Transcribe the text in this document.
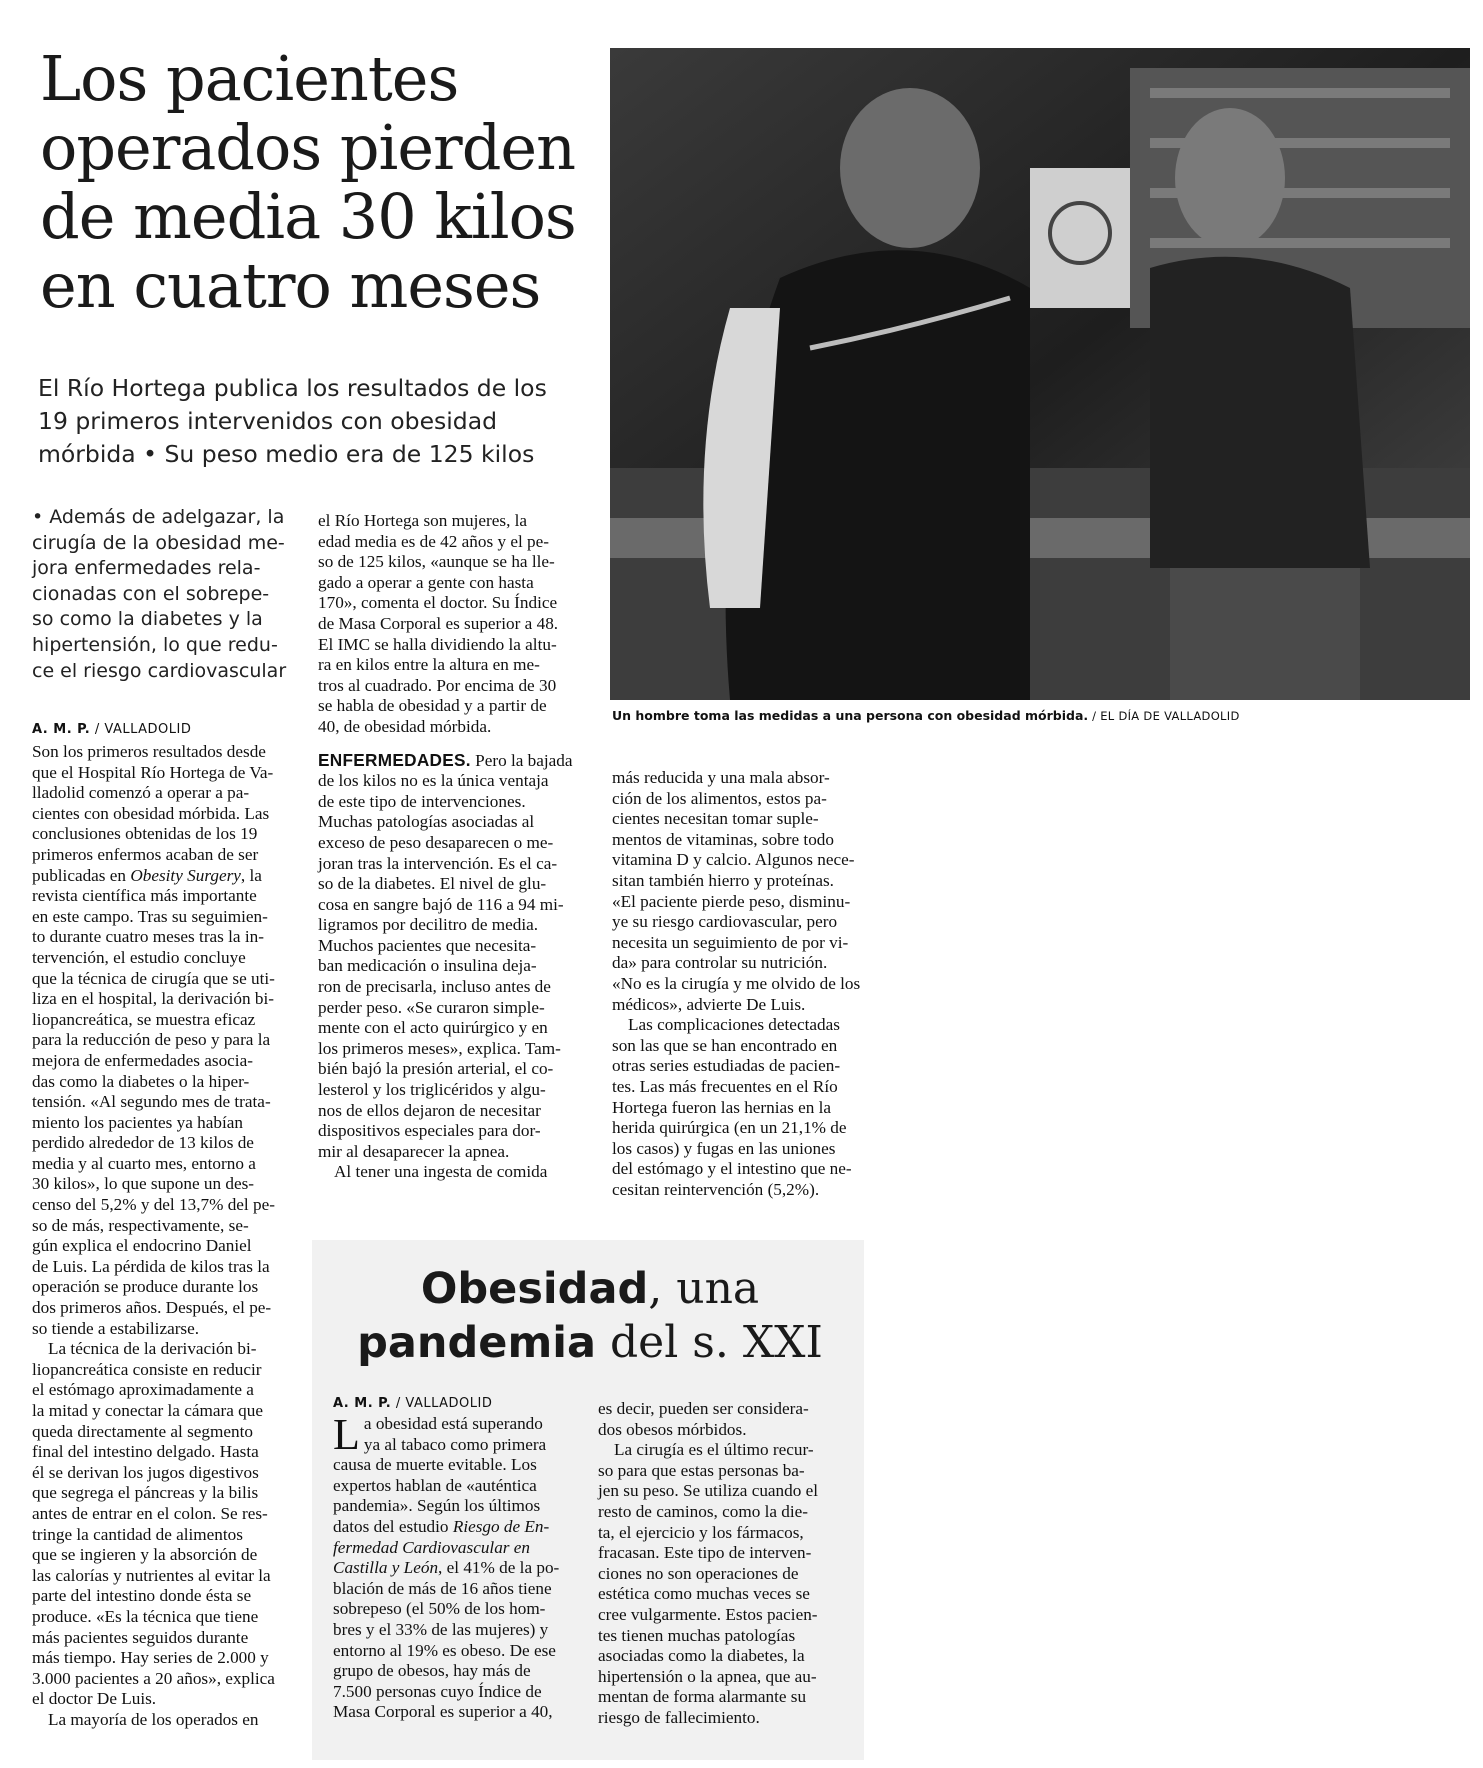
Los pacientes
operados pierden
de media 30 kilos
en cuatro meses
El Río Hortega publica los resultados de los
19 primeros intervenidos con obesidad
mórbida • Su peso medio era de 125 kilos
• Además de adelgazar, la
cirugía de la obesidad me-
jora enfermedades rela-
cionadas con el sobrepe-
so como la diabetes y la
hipertensión, lo que redu-
ce el riesgo cardiovascular
A. M. P. / VALLADOLID
Son los primeros resultados desde
que el Hospital Río Hortega de Va-
lladolid comenzó a operar a pa-
cientes con obesidad mórbida. Las
conclusiones obtenidas de los 19
primeros enfermos acaban de ser
publicadas en Obesity Surgery, la
revista científica más importante
en este campo. Tras su seguimien-
to durante cuatro meses tras la in-
tervención, el estudio concluye
que la técnica de cirugía que se uti-
liza en el hospital, la derivación bi-
liopancreática, se muestra eficaz
para la reducción de peso y para la
mejora de enfermedades asocia-
das como la diabetes o la hiper-
tensión. «Al segundo mes de trata-
miento los pacientes ya habían
perdido alrededor de 13 kilos de
media y al cuarto mes, entorno a
30 kilos», lo que supone un des-
censo del 5,2% y del 13,7% del pe-
so de más, respectivamente, se-
gún explica el endocrino Daniel
de Luis. La pérdida de kilos tras la
operación se produce durante los
dos primeros años. Después, el pe-
so tiende a estabilizarse.
La técnica de la derivación bi-
liopancreática consiste en reducir
el estómago aproximadamente a
la mitad y conectar la cámara que
queda directamente al segmento
final del intestino delgado. Hasta
él se derivan los jugos digestivos
que segrega el páncreas y la bilis
antes de entrar en el colon. Se res-
tringe la cantidad de alimentos
que se ingieren y la absorción de
las calorías y nutrientes al evitar la
parte del intestino donde ésta se
produce. «Es la técnica que tiene
más pacientes seguidos durante
más tiempo. Hay series de 2.000 y
3.000 pacientes a 20 años», explica
el doctor De Luis.
La mayoría de los operados en
el Río Hortega son mujeres, la
edad media es de 42 años y el pe-
so de 125 kilos, «aunque se ha lle-
gado a operar a gente con hasta
170», comenta el doctor. Su Índice
de Masa Corporal es superior a 48.
El IMC se halla dividiendo la altu-
ra en kilos entre la altura en me-
tros al cuadrado. Por encima de 30
se habla de obesidad y a partir de
40, de obesidad mórbida.
ENFERMEDADES. Pero la bajada
de los kilos no es la única ventaja
de este tipo de intervenciones.
Muchas patologías asociadas al
exceso de peso desaparecen o me-
joran tras la intervención. Es el ca-
so de la diabetes. El nivel de glu-
cosa en sangre bajó de 116 a 94 mi-
ligramos por decilitro de media.
Muchos pacientes que necesita-
ban medicación o insulina deja-
ron de precisarla, incluso antes de
perder peso. «Se curaron simple-
mente con el acto quirúrgico y en
los primeros meses», explica. Tam-
bién bajó la presión arterial, el co-
lesterol y los triglicéridos y algu-
nos de ellos dejaron de necesitar
dispositivos especiales para dor-
mir al desaparecer la apnea.
Al tener una ingesta de comida
Un hombre toma las medidas a una persona con obesidad mórbida. / EL DÍA DE VALLADOLID
más reducida y una mala absor-
ción de los alimentos, estos pa-
cientes necesitan tomar suple-
mentos de vitaminas, sobre todo
vitamina D y calcio. Algunos nece-
sitan también hierro y proteínas.
«El paciente pierde peso, disminu-
ye su riesgo cardiovascular, pero
necesita un seguimiento de por vi-
da» para controlar su nutrición.
«No es la cirugía y me olvido de los
médicos», advierte De Luis.
Las complicaciones detectadas
son las que se han encontrado en
otras series estudiadas de pacien-
tes. Las más frecuentes en el Río
Hortega fueron las hernias en la
herida quirúrgica (en un 21,1% de
los casos) y fugas en las uniones
del estómago y el intestino que ne-
cesitan reintervención (5,2%).
Obesidad, una
pandemia del s. XXI
A. M. P. / VALLADOLID
L a obesidad está superando
ya al tabaco como primera
causa de muerte evitable. Los
expertos hablan de «auténtica
pandemia». Según los últimos
datos del estudio Riesgo de En-
fermedad Cardiovascular en
Castilla y León, el 41% de la po-
blación de más de 16 años tiene
sobrepeso (el 50% de los hom-
bres y el 33% de las mujeres) y
entorno al 19% es obeso. De ese
grupo de obesos, hay más de
7.500 personas cuyo Índice de
Masa Corporal es superior a 40,
es decir, pueden ser considera-
dos obesos mórbidos.
La cirugía es el último recur-
so para que estas personas ba-
jen su peso. Se utiliza cuando el
resto de caminos, como la die-
ta, el ejercicio y los fármacos,
fracasan. Este tipo de interven-
ciones no son operaciones de
estética como muchas veces se
cree vulgarmente. Estos pacien-
tes tienen muchas patologías
asociadas como la diabetes, la
hipertensión o la apnea, que au-
mentan de forma alarmante su
riesgo de fallecimiento.
